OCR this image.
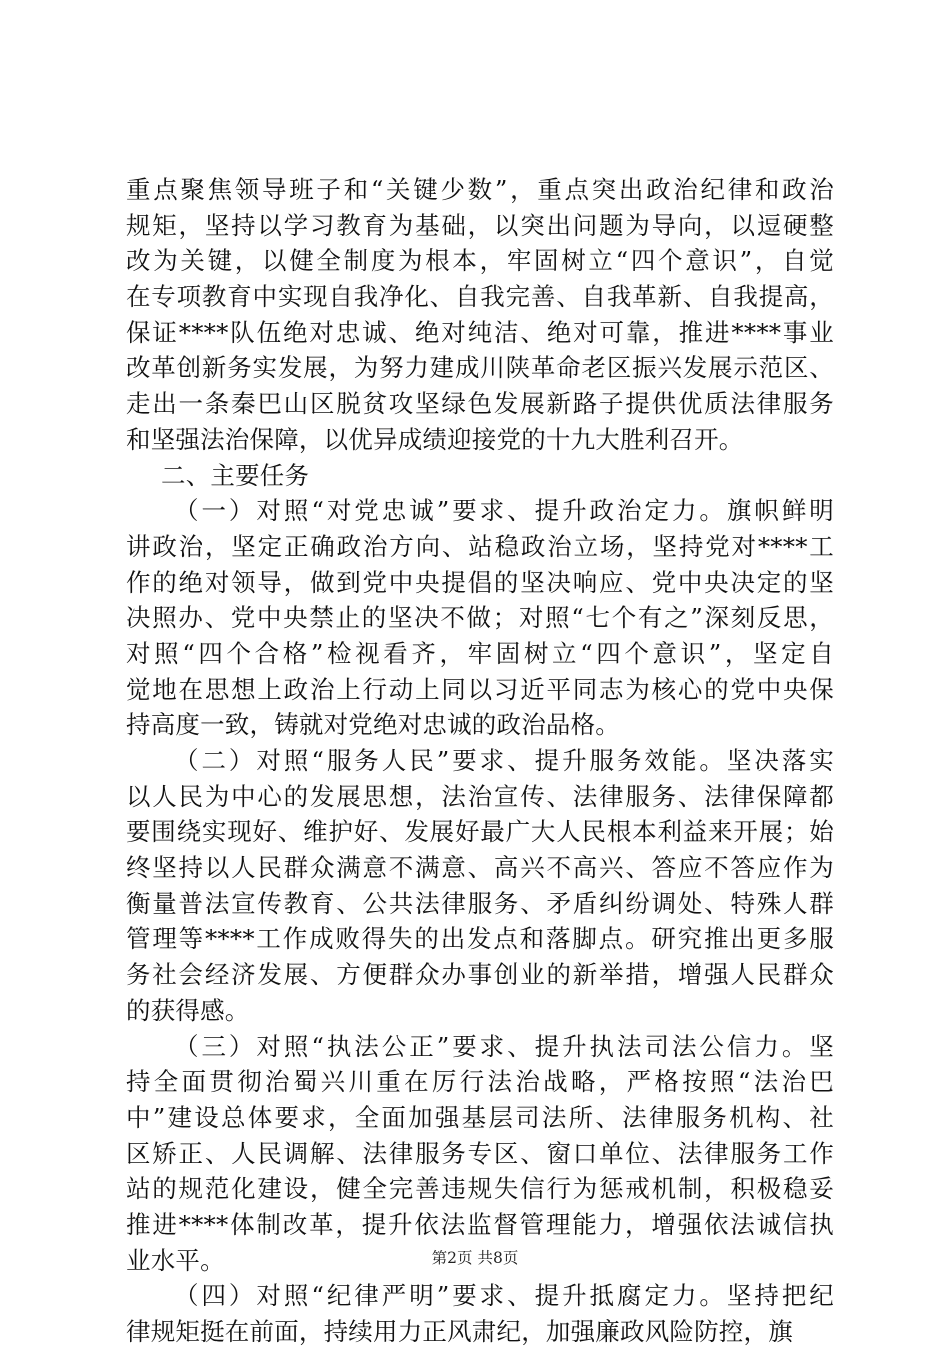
重点聚焦领导班子和“关键少数”，重点突出政治纪律和政治
规矩，坚持以学习教育为基础，以突出问题为导向，以逗硬整
改为关键，以健全制度为根本，牢固树立“四个意识”，自觉
在专项教育中实现自我净化、自我完善、自我革新、自我提高，
保证****队伍绝对忠诚、绝对纯洁、绝对可靠，推进****事业
改革创新务实发展，为努力建成川陕革命老区振兴发展示范区、
走出一条秦巴山区脱贫攻坚绿色发展新路子提供优质法律服务
和坚强法治保障，以优异成绩迎接党的十九大胜利召开。
二、主要任务
（一）对照“对党忠诚”要求、提升政治定力。旗帜鲜明
讲政治，坚定正确政治方向、站稳政治立场，坚持党对****工
作的绝对领导，做到党中央提倡的坚决响应、党中央决定的坚
决照办、党中央禁止的坚决不做；对照“七个有之”深刻反思，
对照“四个合格”检视看齐，牢固树立“四个意识”，坚定自
觉地在思想上政治上行动上同以习近平同志为核心的党中央保
持高度一致，铸就对党绝对忠诚的政治品格。
（二）对照“服务人民”要求、提升服务效能。坚决落实
以人民为中心的发展思想，法治宣传、法律服务、法律保障都
要围绕实现好、维护好、发展好最广大人民根本利益来开展；始
终坚持以人民群众满意不满意、高兴不高兴、答应不答应作为
衡量普法宣传教育、公共法律服务、矛盾纠纷调处、特殊人群
管理等****工作成败得失的出发点和落脚点。研究推出更多服
务社会经济发展、方便群众办事创业的新举措，增强人民群众
的获得感。
（三）对照“执法公正”要求、提升执法司法公信力。坚
持全面贯彻治蜀兴川重在厉行法治战略，严格按照“法治巴
中”建设总体要求，全面加强基层司法所、法律服务机构、社
区矫正、人民调解、法律服务专区、窗口单位、法律服务工作
站的规范化建设，健全完善违规失信行为惩戒机制，积极稳妥
推进****体制改革，提升依法监督管理能力，增强依法诚信执
业水平。
（四）对照“纪律严明”要求、提升抵腐定力。坚持把纪
律规矩挺在前面，持续用力正风肃纪，加强廉政风险防控，旗
第2页 共8页
